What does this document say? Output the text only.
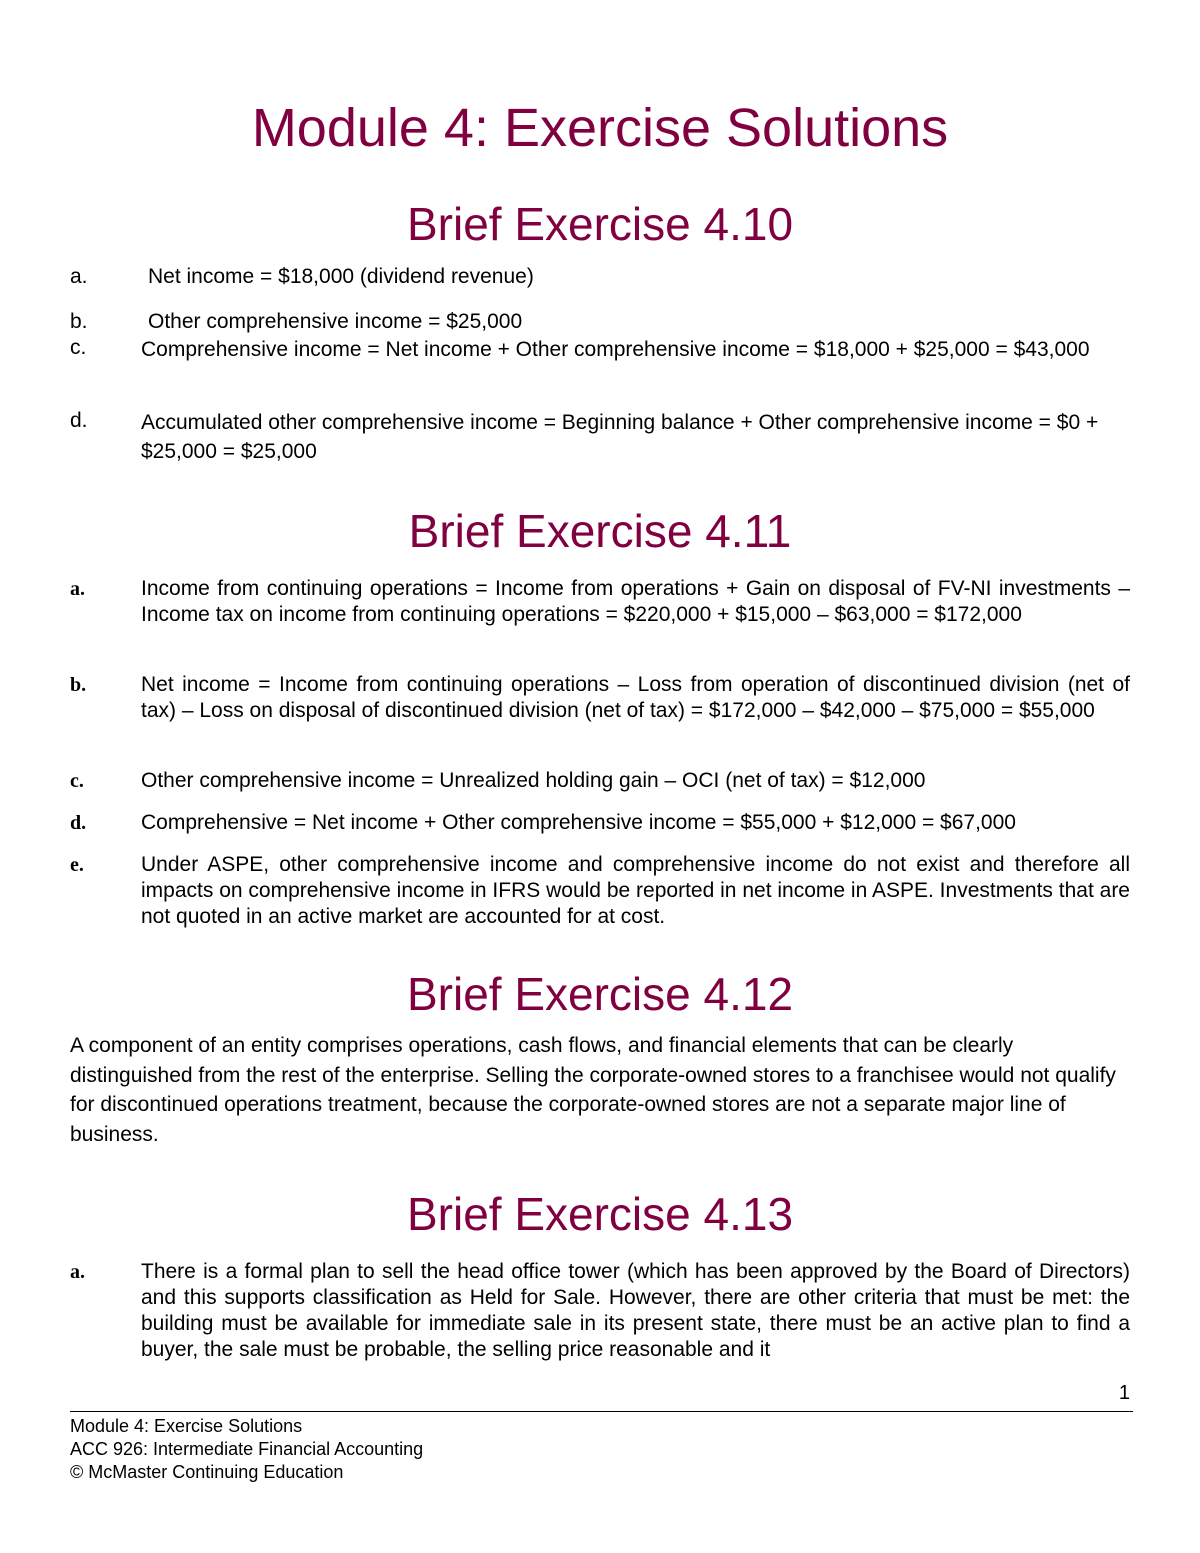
Module 4: Exercise Solutions
Brief Exercise 4.10
a.	Net income = $18,000 (dividend revenue)
b.	Other comprehensive income = $25,000
c.	Comprehensive income = Net income + Other comprehensive income = $18,000 + $25,000 = $43,000
d.	Accumulated other comprehensive income = Beginning balance + Other comprehensive income = $0 + $25,000 = $25,000
Brief Exercise 4.11
a.	Income from continuing operations = Income from operations + Gain on disposal of FV-NI investments – Income tax on income from continuing operations = $220,000 + $15,000 – $63,000 = $172,000
b.	Net income = Income from continuing operations – Loss from operation of discontinued division (net of tax) – Loss on disposal of discontinued division (net of tax) = $172,000 – $42,000 – $75,000 = $55,000
c.	Other comprehensive income = Unrealized holding gain – OCI (net of tax) = $12,000
d.	Comprehensive = Net income + Other comprehensive income = $55,000 + $12,000 = $67,000
e.	Under ASPE, other comprehensive income and comprehensive income do not exist and therefore all impacts on comprehensive income in IFRS would be reported in net income in ASPE. Investments that are not quoted in an active market are accounted for at cost.
Brief Exercise 4.12

A component of an entity comprises operations, cash flows, and financial elements that can be clearly distinguished from the rest of the enterprise. Selling the corporate-owned stores to a franchisee would not qualify for discontinued operations treatment, because the corporate-owned stores are not a separate major line of business.

Brief Exercise 4.13
a.	There is a formal plan to sell the head office tower (which has been approved by the Board of Directors) and this supports classification as Held for Sale. However, there are other criteria that must be met: the building must be available for immediate sale in its present state, there must be an active plan to find a buyer, the sale must be probable, the selling price reasonable and it
1
Module 4: Exercise Solutions
ACC 926: Intermediate Financial Accounting
© McMaster Continuing Education
